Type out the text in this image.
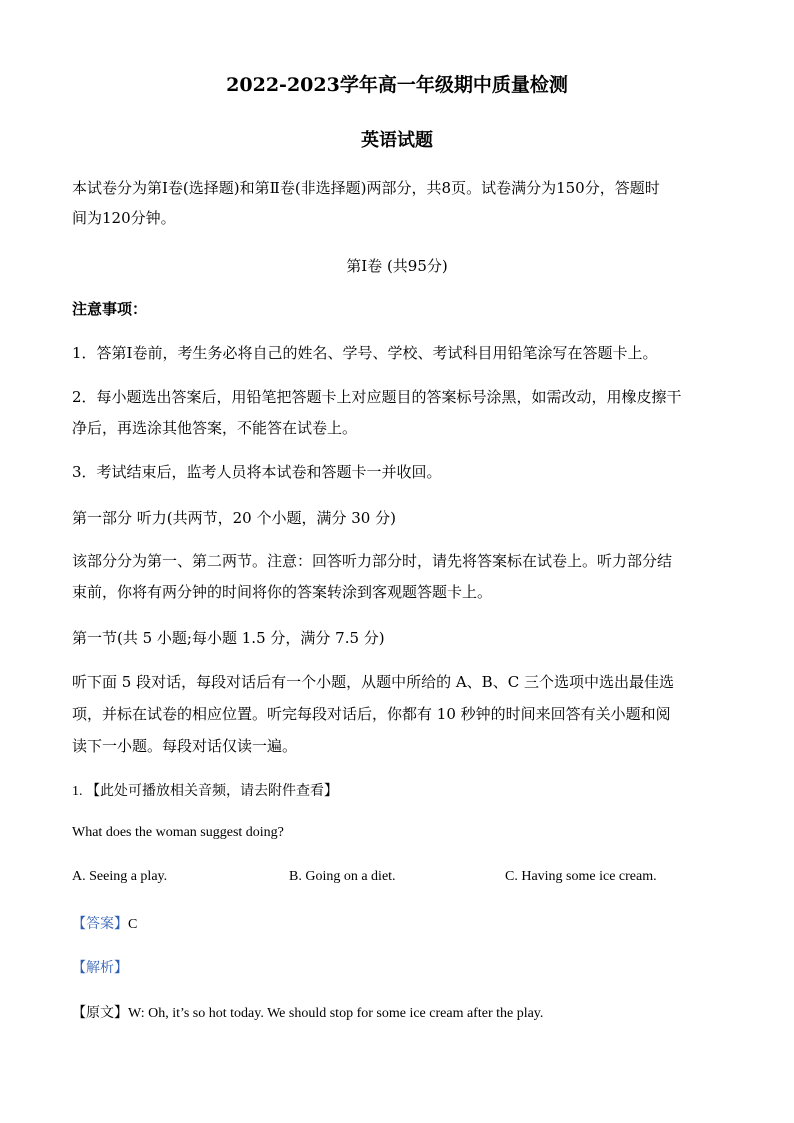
2022-2023学年高一年级期中质量检测
英语试题
本试卷分为第Ⅰ卷(选择题)和第Ⅱ卷(非选择题)两部分，共8页。试卷满分为150分，答题时
间为120分钟。
第Ⅰ卷 (共95分)
注意事项：
1．答第Ⅰ卷前，考生务必将自己的姓名、学号、学校、考试科目用铅笔涂写在答题卡上。
2．每小题选出答案后，用铅笔把答题卡上对应题目的答案标号涂黑，如需改动，用橡皮擦干
净后，再选涂其他答案，不能答在试卷上。
3．考试结束后，监考人员将本试卷和答题卡一并收回。
第一部分 听力(共两节，20 个小题，满分 30 分)
该部分分为第一、第二两节。注意：回答听力部分时，请先将答案标在试卷上。听力部分结
束前，你将有两分钟的时间将你的答案转涂到客观题答题卡上。
第一节(共 5 小题;每小题 1.5 分，满分 7.5 分)
听下面 5 段对话，每段对话后有一个小题，从题中所给的 A、B、C 三个选项中选出最佳选
项，并标在试卷的相应位置。听完每段对话后，你都有 10 秒钟的时间来回答有关小题和阅
读下一小题。每段对话仅读一遍。
1. 【此处可播放相关音频，请去附件查看】
What does the woman suggest doing?
A. Seeing a play.	B. Going on a diet.	C. Having some ice cream.
【答案】C
【解析】
【原文】W: Oh, it’s so hot today. We should stop for some ice cream after the play.
